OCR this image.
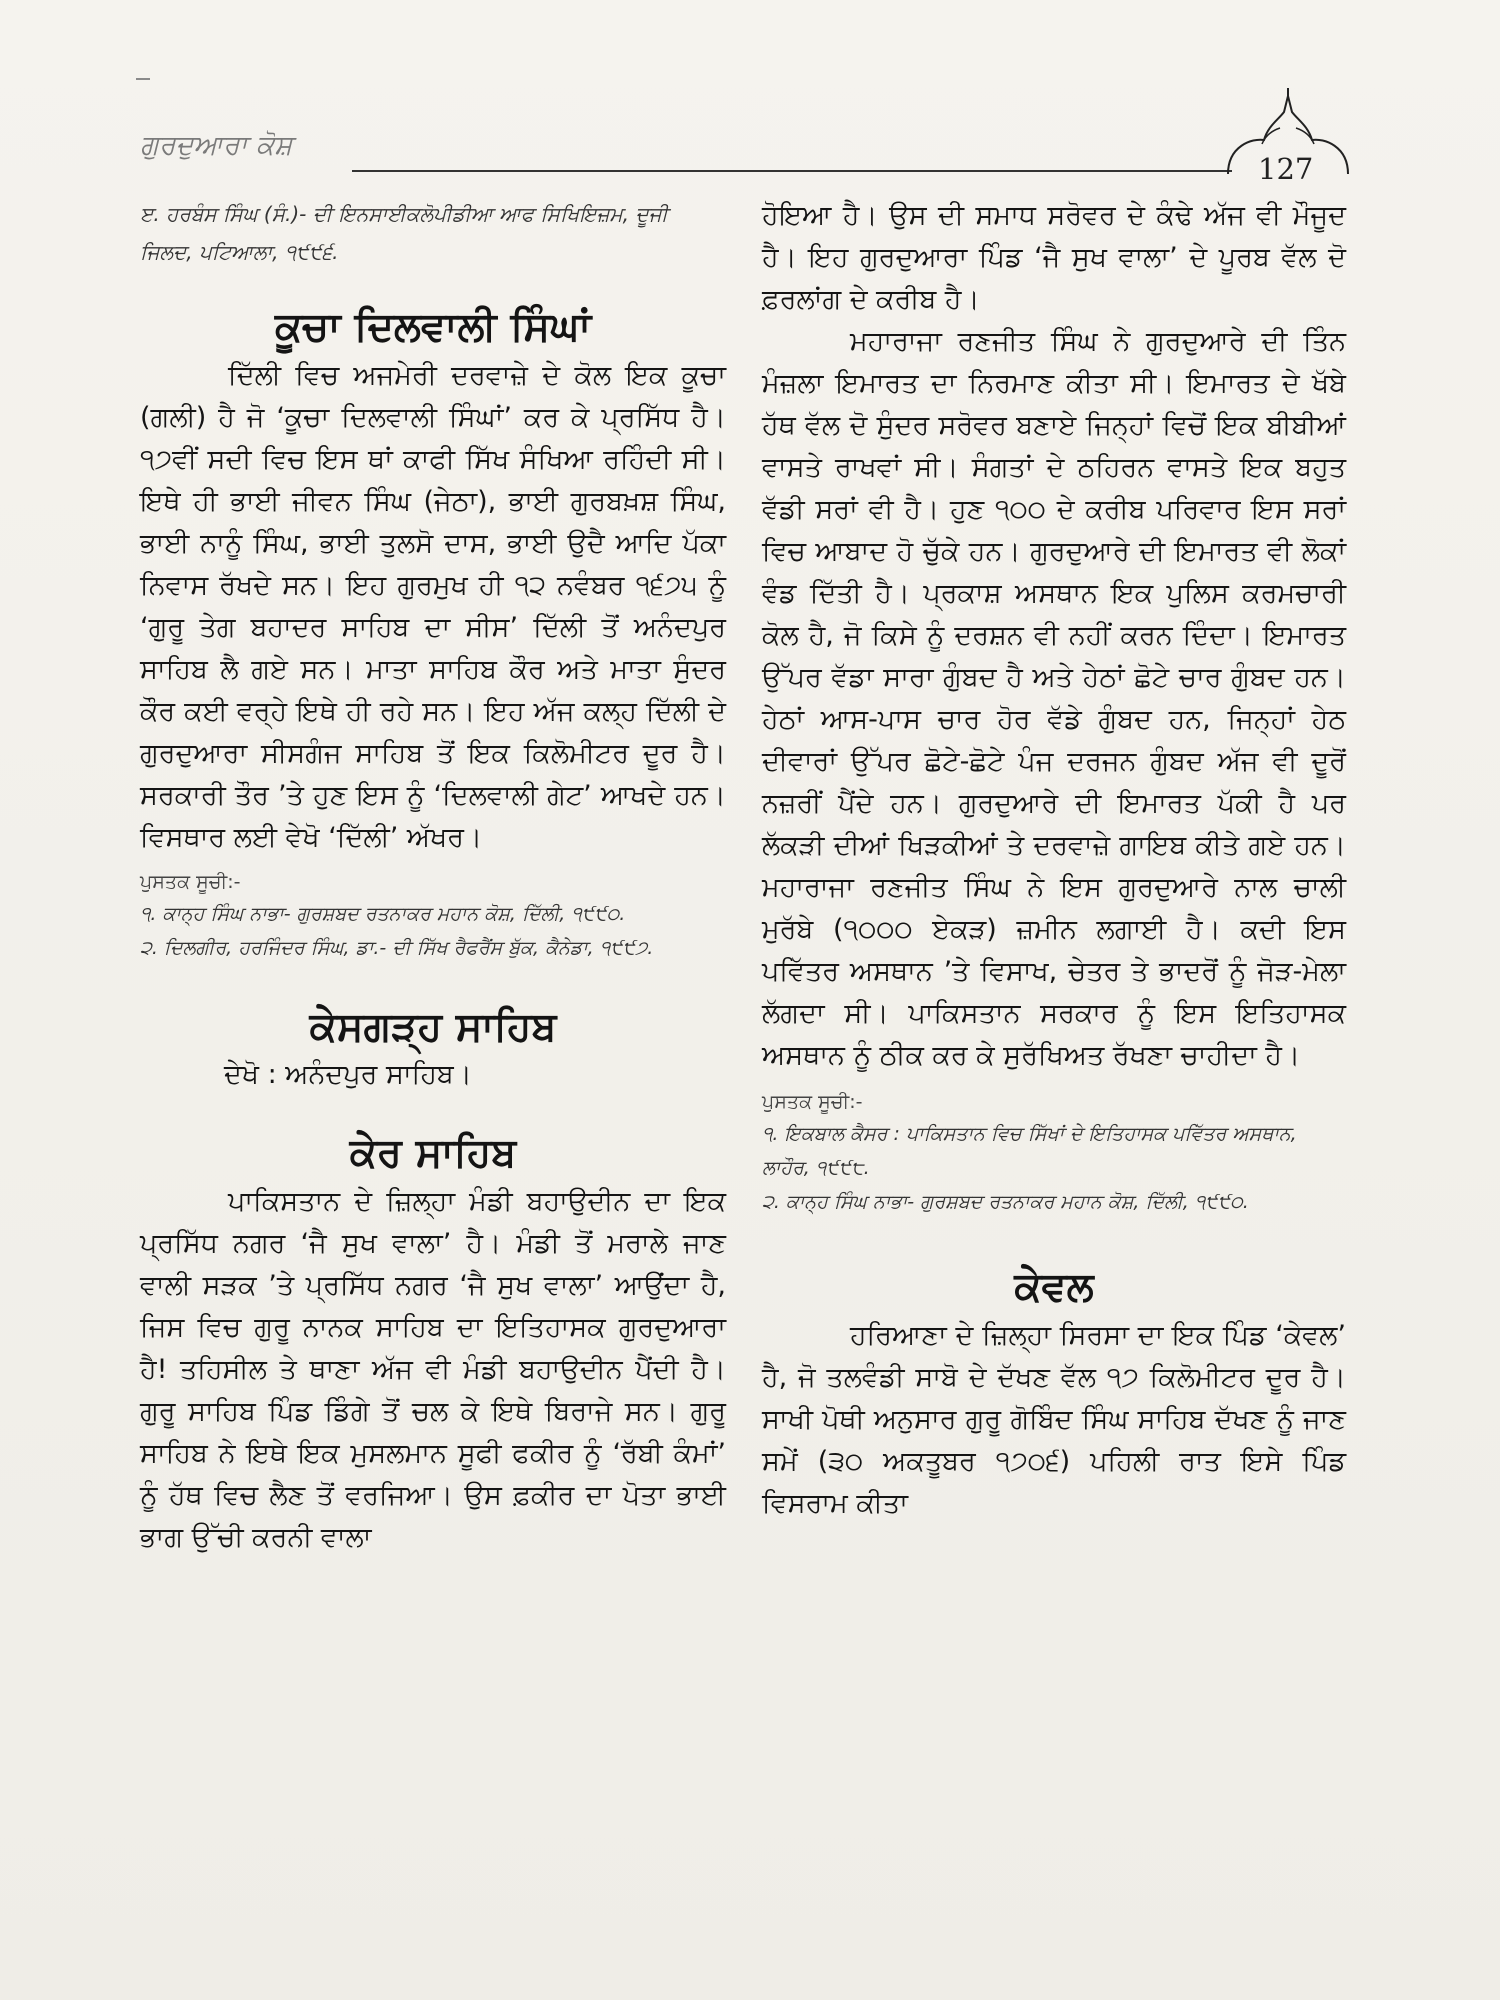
ਗੁਰਦੁਆਰਾ ਕੋਸ਼
127

ੲ. ਹਰਬੰਸ ਸਿੰਘ (ਸੰ.)- ਦੀ ਇਨਸਾਈਕਲੋਪੀਡੀਆ ਆਫ ਸਿਖਿਇਜ਼ਮ, ਦੂਜੀ ਜਿਲਦ, ਪਟਿਆਲਾ, ੧੯੯੬.

ਕੂਚਾ ਦਿਲਵਾਲੀ ਸਿੰਘਾਂ

ਦਿੱਲੀ ਵਿਚ ਅਜਮੇਰੀ ਦਰਵਾਜ਼ੇ ਦੇ ਕੋਲ ਇਕ ਕੂਚਾ (ਗਲੀ) ਹੈ ਜੋ ‘ਕੂਚਾ ਦਿਲਵਾਲੀ ਸਿੰਘਾਂ’ ਕਰ ਕੇ ਪ੍ਰਸਿੱਧ ਹੈ। ੧੭ਵੀਂ ਸਦੀ ਵਿਚ ਇਸ ਥਾਂ ਕਾਫੀ ਸਿੱਖ ਸੰਖਿਆ ਰਹਿੰਦੀ ਸੀ। ਇਥੇ ਹੀ ਭਾਈ ਜੀਵਨ ਸਿੰਘ (ਜੇਠਾ), ਭਾਈ ਗੁਰਬਖ਼ਸ਼ ਸਿੰਘ, ਭਾਈ ਨਾਨੂੰ ਸਿੰਘ, ਭਾਈ ਤੁਲਸੋ ਦਾਸ, ਭਾਈ ਉਦੈ ਆਦਿ ਪੱਕਾ ਨਿਵਾਸ ਰੱਖਦੇ ਸਨ। ਇਹ ਗੁਰਮੁਖ ਹੀ ੧੨ ਨਵੰਬਰ ੧੬੭੫ ਨੂੰ ‘ਗੁਰੂ ਤੇਗ ਬਹਾਦਰ ਸਾਹਿਬ ਦਾ ਸੀਸ’ ਦਿੱਲੀ ਤੋਂ ਅਨੰਦਪੁਰ ਸਾਹਿਬ ਲੈ ਗਏ ਸਨ। ਮਾਤਾ ਸਾਹਿਬ ਕੌਰ ਅਤੇ ਮਾਤਾ ਸੁੰਦਰ ਕੌਰ ਕਈ ਵਰ੍ਹੇ ਇਥੇ ਹੀ ਰਹੇ ਸਨ। ਇਹ ਅੱਜ ਕਲ੍ਹ ਦਿੱਲੀ ਦੇ ਗੁਰਦੁਆਰਾ ਸੀਸਗੰਜ ਸਾਹਿਬ ਤੋਂ ਇਕ ਕਿਲੋਮੀਟਰ ਦੂਰ ਹੈ। ਸਰਕਾਰੀ ਤੌਰ ’ਤੇ ਹੁਣ ਇਸ ਨੂੰ ‘ਦਿਲਵਾਲੀ ਗੇਟ’ ਆਖਦੇ ਹਨ। ਵਿਸਥਾਰ ਲਈ ਵੇਖੋ ‘ਦਿੱਲੀ’ ਅੱਖਰ।

ਪੁਸਤਕ ਸੂਚੀ:-

੧. ਕਾਨ੍ਹ ਸਿੰਘ ਨਾਭਾ- ਗੁਰਸ਼ਬਦ ਰਤਨਾਕਰ ਮਹਾਨ ਕੋਸ਼, ਦਿੱਲੀ, ੧੯੯੦.

੨. ਦਿਲਗੀਰ, ਹਰਜਿੰਦਰ ਸਿੰਘ, ਡਾ.- ਦੀ ਸਿੱਖ ਰੈਫਰੈਂਸ ਬੁੱਕ, ਕੈਨੇਡਾ, ੧੯੯੭.

ਕੇਸਗੜ੍ਹ ਸਾਹਿਬ

ਦੇਖੋ : ਅਨੰਦਪੁਰ ਸਾਹਿਬ।

ਕੇਰ ਸਾਹਿਬ

ਪਾਕਿਸਤਾਨ ਦੇ ਜ਼ਿਲ੍ਹਾ ਮੰਡੀ ਬਹਾਉਦੀਨ ਦਾ ਇਕ ਪ੍ਰਸਿੱਧ ਨਗਰ ‘ਜੈ ਸੁਖ ਵਾਲਾ’ ਹੈ। ਮੰਡੀ ਤੋਂ ਮਰਾਲੇ ਜਾਣ ਵਾਲੀ ਸੜਕ ’ਤੇ ਪ੍ਰਸਿੱਧ ਨਗਰ ‘ਜੈ ਸੁਖ ਵਾਲਾ’ ਆਉਂਦਾ ਹੈ, ਜਿਸ ਵਿਚ ਗੁਰੂ ਨਾਨਕ ਸਾਹਿਬ ਦਾ ਇਤਿਹਾਸਕ ਗੁਰਦੁਆਰਾ ਹੈ! ਤਹਿਸੀਲ ਤੇ ਥਾਣਾ ਅੱਜ ਵੀ ਮੰਡੀ ਬਹਾਉਦੀਨ ਪੈਂਦੀ ਹੈ। ਗੁਰੂ ਸਾਹਿਬ ਪਿੰਡ ਡਿੰਗੇ ਤੋਂ ਚਲ ਕੇ ਇਥੇ ਬਿਰਾਜੇ ਸਨ। ਗੁਰੂ ਸਾਹਿਬ ਨੇ ਇਥੇ ਇਕ ਮੁਸਲਮਾਨ ਸੂਫੀ ਫਕੀਰ ਨੂੰ ‘ਰੱਬੀ ਕੰਮਾਂ’ ਨੂੰ ਹੱਥ ਵਿਚ ਲੈਣ ਤੋਂ ਵਰਜਿਆ। ਉਸ ਫ਼ਕੀਰ ਦਾ ਪੋਤਾ ਭਾਈ ਭਾਗ ਉੱਚੀ ਕਰਨੀ ਵਾਲਾ

ਹੋਇਆ ਹੈ। ਉਸ ਦੀ ਸਮਾਧ ਸਰੋਵਰ ਦੇ ਕੰਢੇ ਅੱਜ ਵੀ ਮੌਜੂਦ ਹੈ। ਇਹ ਗੁਰਦੁਆਰਾ ਪਿੰਡ ‘ਜੈ ਸੁਖ ਵਾਲਾ’ ਦੇ ਪੂਰਬ ਵੱਲ ਦੋ ਫ਼ਰਲਾਂਗ ਦੇ ਕਰੀਬ ਹੈ।

ਮਹਾਰਾਜਾ ਰਣਜੀਤ ਸਿੰਘ ਨੇ ਗੁਰਦੁਆਰੇ ਦੀ ਤਿੰਨ ਮੰਜ਼ਲਾ ਇਮਾਰਤ ਦਾ ਨਿਰਮਾਣ ਕੀਤਾ ਸੀ। ਇਮਾਰਤ ਦੇ ਖੱਬੇ ਹੱਥ ਵੱਲ ਦੋ ਸੁੰਦਰ ਸਰੋਵਰ ਬਣਾਏ ਜਿਨ੍ਹਾਂ ਵਿਚੋਂ ਇਕ ਬੀਬੀਆਂ ਵਾਸਤੇ ਰਾਖਵਾਂ ਸੀ। ਸੰਗਤਾਂ ਦੇ ਠਹਿਰਨ ਵਾਸਤੇ ਇਕ ਬਹੁਤ ਵੱਡੀ ਸਰਾਂ ਵੀ ਹੈ। ਹੁਣ ੧੦੦ ਦੇ ਕਰੀਬ ਪਰਿਵਾਰ ਇਸ ਸਰਾਂ ਵਿਚ ਆਬਾਦ ਹੋ ਚੁੱਕੇ ਹਨ। ਗੁਰਦੁਆਰੇ ਦੀ ਇਮਾਰਤ ਵੀ ਲੋਕਾਂ ਵੰਡ ਦਿੱਤੀ ਹੈ। ਪ੍ਰਕਾਸ਼ ਅਸਥਾਨ ਇਕ ਪੁਲਿਸ ਕਰਮਚਾਰੀ ਕੋਲ ਹੈ, ਜੋ ਕਿਸੇ ਨੂੰ ਦਰਸ਼ਨ ਵੀ ਨਹੀਂ ਕਰਨ ਦਿੰਦਾ। ਇਮਾਰਤ ਉੱਪਰ ਵੱਡਾ ਸਾਰਾ ਗੁੰਬਦ ਹੈ ਅਤੇ ਹੇਠਾਂ ਛੋਟੇ ਚਾਰ ਗੁੰਬਦ ਹਨ। ਹੇਠਾਂ ਆਸ-ਪਾਸ ਚਾਰ ਹੋਰ ਵੱਡੇ ਗੁੰਬਦ ਹਨ, ਜਿਨ੍ਹਾਂ ਹੇਠ ਦੀਵਾਰਾਂ ਉੱਪਰ ਛੋਟੇ-ਛੋਟੇ ਪੰਜ ਦਰਜਨ ਗੁੰਬਦ ਅੱਜ ਵੀ ਦੂਰੋਂ ਨਜ਼ਰੀਂ ਪੈਂਦੇ ਹਨ। ਗੁਰਦੁਆਰੇ ਦੀ ਇਮਾਰਤ ਪੱਕੀ ਹੈ ਪਰ ਲੱਕੜੀ ਦੀਆਂ ਖਿੜਕੀਆਂ ਤੇ ਦਰਵਾਜ਼ੇ ਗਾਇਬ ਕੀਤੇ ਗਏ ਹਨ। ਮਹਾਰਾਜਾ ਰਣਜੀਤ ਸਿੰਘ ਨੇ ਇਸ ਗੁਰਦੁਆਰੇ ਨਾਲ ਚਾਲੀ ਮੁਰੱਬੇ (੧੦੦੦ ਏਕੜ) ਜ਼ਮੀਨ ਲਗਾਈ ਹੈ। ਕਦੀ ਇਸ ਪਵਿੱਤਰ ਅਸਥਾਨ ’ਤੇ ਵਿਸਾਖ, ਚੇਤਰ ਤੇ ਭਾਦਰੋਂ ਨੂੰ ਜੋੜ-ਮੇਲਾ ਲੱਗਦਾ ਸੀ। ਪਾਕਿਸਤਾਨ ਸਰਕਾਰ ਨੂੰ ਇਸ ਇਤਿਹਾਸਕ ਅਸਥਾਨ ਨੂੰ ਠੀਕ ਕਰ ਕੇ ਸੁਰੱਖਿਅਤ ਰੱਖਣਾ ਚਾਹੀਦਾ ਹੈ।

ਪੁਸਤਕ ਸੂਚੀ:-

੧. ਇਕਬਾਲ ਕੈਸਰ : ਪਾਕਿਸਤਾਨ ਵਿਚ ਸਿੱਖਾਂ ਦੇ ਇਤਿਹਾਸਕ ਪਵਿੱਤਰ ਅਸਥਾਨ, ਲਾਹੌਰ, ੧੯੯੮.

੨. ਕਾਨ੍ਹ ਸਿੰਘ ਨਾਭਾ- ਗੁਰਸ਼ਬਦ ਰਤਨਾਕਰ ਮਹਾਨ ਕੋਸ਼, ਦਿੱਲੀ, ੧੯੯੦.

ਕੇਵਲ

ਹਰਿਆਣਾ ਦੇ ਜ਼ਿਲ੍ਹਾ ਸਿਰਸਾ ਦਾ ਇਕ ਪਿੰਡ ‘ਕੇਵਲ’ ਹੈ, ਜੋ ਤਲਵੰਡੀ ਸਾਬੋ ਦੇ ਦੱਖਣ ਵੱਲ ੧੭ ਕਿਲੋਮੀਟਰ ਦੂਰ ਹੈ। ਸਾਖੀ ਪੋਥੀ ਅਨੁਸਾਰ ਗੁਰੂ ਗੋਬਿੰਦ ਸਿੰਘ ਸਾਹਿਬ ਦੱਖਣ ਨੂੰ ਜਾਣ ਸਮੇਂ (੩੦ ਅਕਤੂਬਰ ੧੭੦੬) ਪਹਿਲੀ ਰਾਤ ਇਸੇ ਪਿੰਡ ਵਿਸਰਾਮ ਕੀਤਾ
